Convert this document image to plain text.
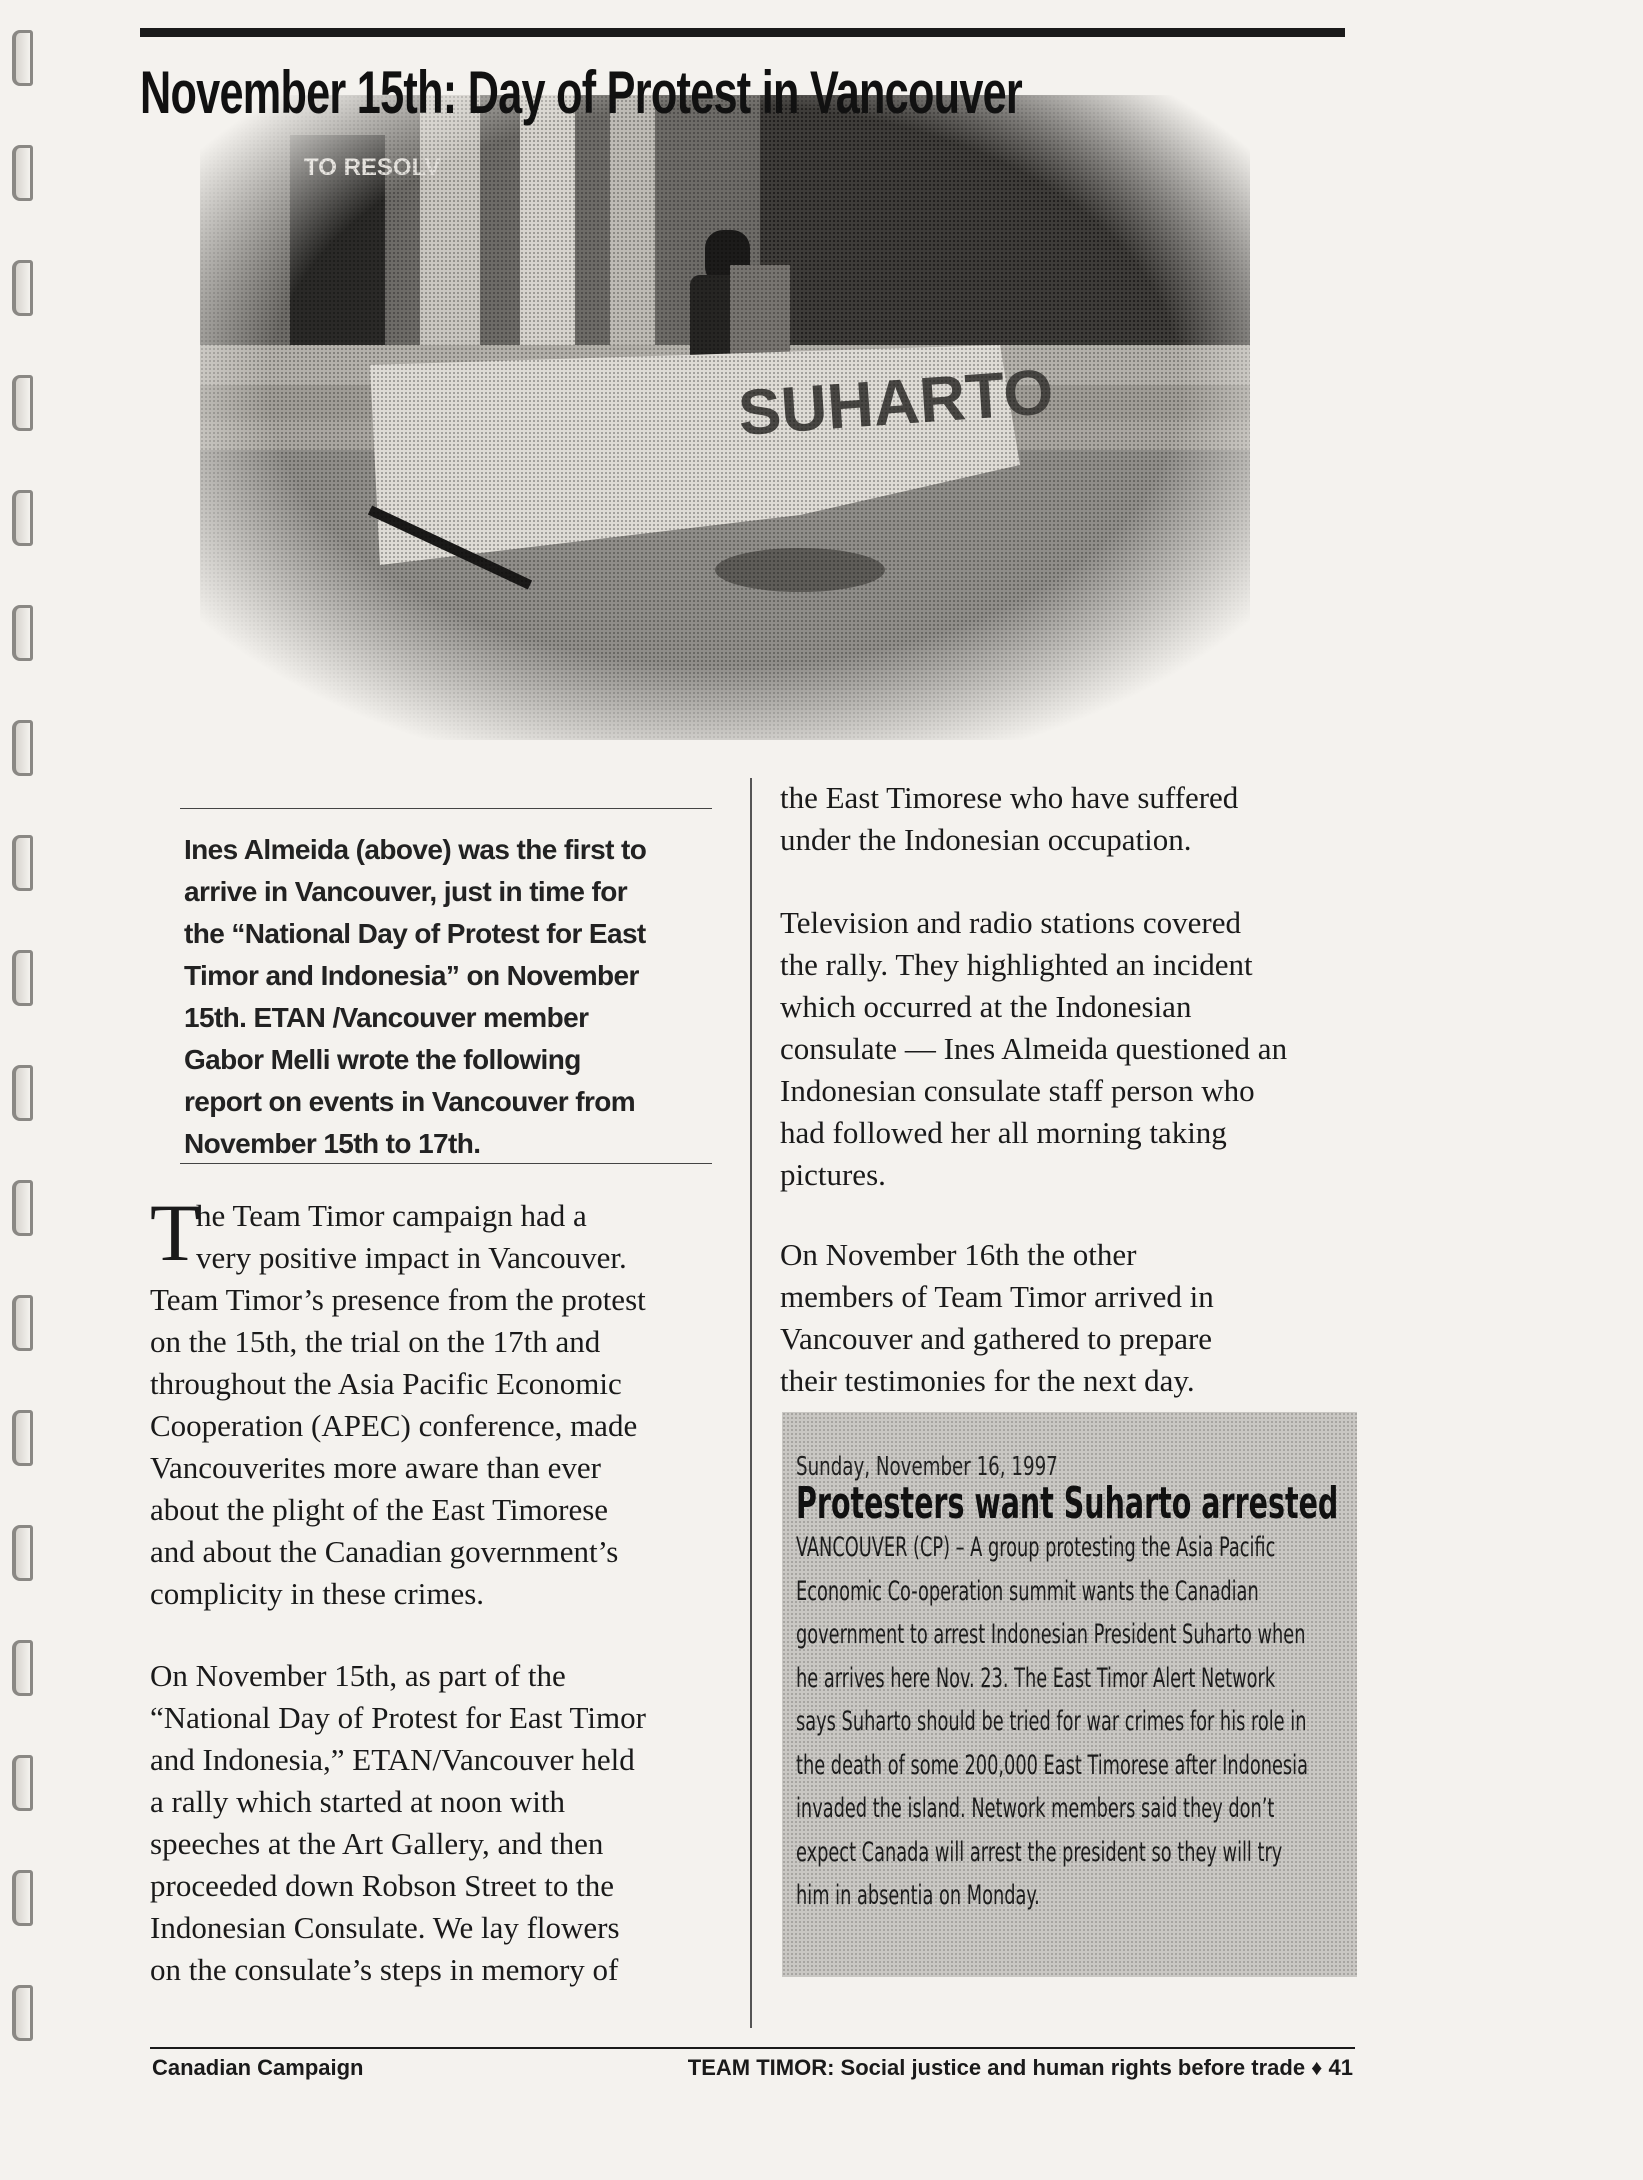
November 15th: Day of Protest in Vancouver

Ines Almeida (above) was the first to
arrive in Vancouver, just in time for
the “National Day of Protest for East
Timor and Indonesia” on November
15th. ETAN /Vancouver member
Gabor Melli wrote the following
report on events in Vancouver from
November 15th to 17th.

T

he Team Timor campaign had a
very positive impact in Vancouver.

Team Timor’s presence from the protest
on the 15th, the trial on the 17th and
throughout the Asia Pacific Economic
Cooperation (APEC) conference, made
Vancouverites more aware than ever
about the plight of the East Timorese
and about the Canadian government’s
complicity in these crimes.

On November 15th, as part of the
“National Day of Protest for East Timor
and Indonesia,” ETAN/Vancouver held
a rally which started at noon with
speeches at the Art Gallery, and then
proceeded down Robson Street to the
Indonesian Consulate. We lay flowers
on the consulate’s steps in memory of

the East Timorese who have suffered
under the Indonesian occupation.

Television and radio stations covered
the rally. They highlighted an incident
which occurred at the Indonesian
consulate — Ines Almeida questioned an
Indonesian consulate staff person who
had followed her all morning taking
pictures.

On November 16th the other
members of Team Timor arrived in
Vancouver and gathered to prepare
their testimonies for the next day.

Sunday, November 16, 1997

Protesters want Suharto arrested

VANCOUVER (CP) – A group protesting the Asia Pacific
Economic Co-operation summit wants the Canadian
government to arrest Indonesian President Suharto when
he arrives here Nov. 23. The East Timor Alert Network
says Suharto should be tried for war crimes for his role in
the death of some 200,000 East Timorese after Indonesia
invaded the island. Network members said they don’t
expect Canada will arrest the president so they will try
him in absentia on Monday.

Canadian Campaign	TEAM TIMOR: Social justice and human rights before trade ♦ 41
